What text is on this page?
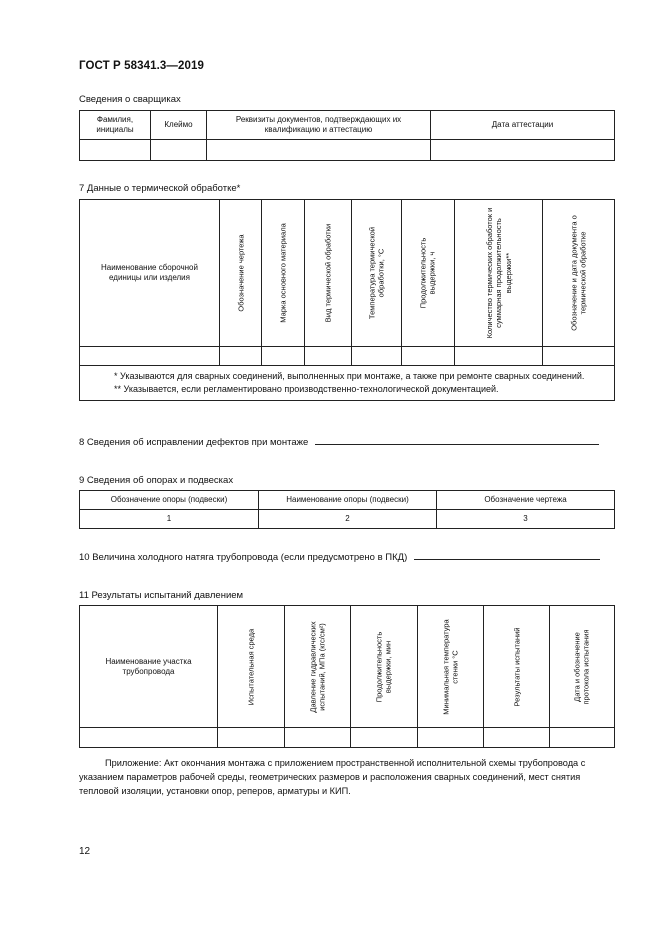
ГОСТ Р 58341.3—2019
Сведения о сварщиках
Фамилия, инициалы	Клеймо	Реквизиты документов, подтверждающих их квалификацию и аттестацию	Дата аттестации

7 Данные о термической обработке*
Наименование сборочной единицы или изделия	Обозначение чертежа	Марка основного материала	Вид термической обработки	Температура термической обработки, °С	Продолжительность выдержки, ч	Количество термических обработок и суммарная продолжительность выдержки**	Обозначение и дата документа о термической обработке

* Указываются для сварных соединений, выполненных при монтаже, а также при ремонте сварных соединений.

** Указывается, если регламентировано производственно-технологической документацией.							

8 Сведения об исправлении дефектов при монтаже
9 Сведения об опорах и подвесках
Обозначение опоры (подвески)	Наименование опоры (подвески)	Обозначение чертежа
1	2	3
10 Величина холодного натяга трубопровода (если предусмотрено в ПКД)
11 Результаты испытаний давлением
Наименование участка трубопровода	Испытательная среда	Давление гидравлических испытаний, МПа (кгс/см²)	Продолжительность выдержки, мин	Минимальная температура стенки °С	Результаты испытаний	Дата и обозначение протокола испытания

Приложение: Акт окончания монтажа с приложением пространственной исполнительной схемы трубопровода с указанием параметров рабочей среды, геометрических размеров и расположения сварных соединений, мест снятия тепловой изоляции, установки опор, реперов, арматуры и КИП.

12
